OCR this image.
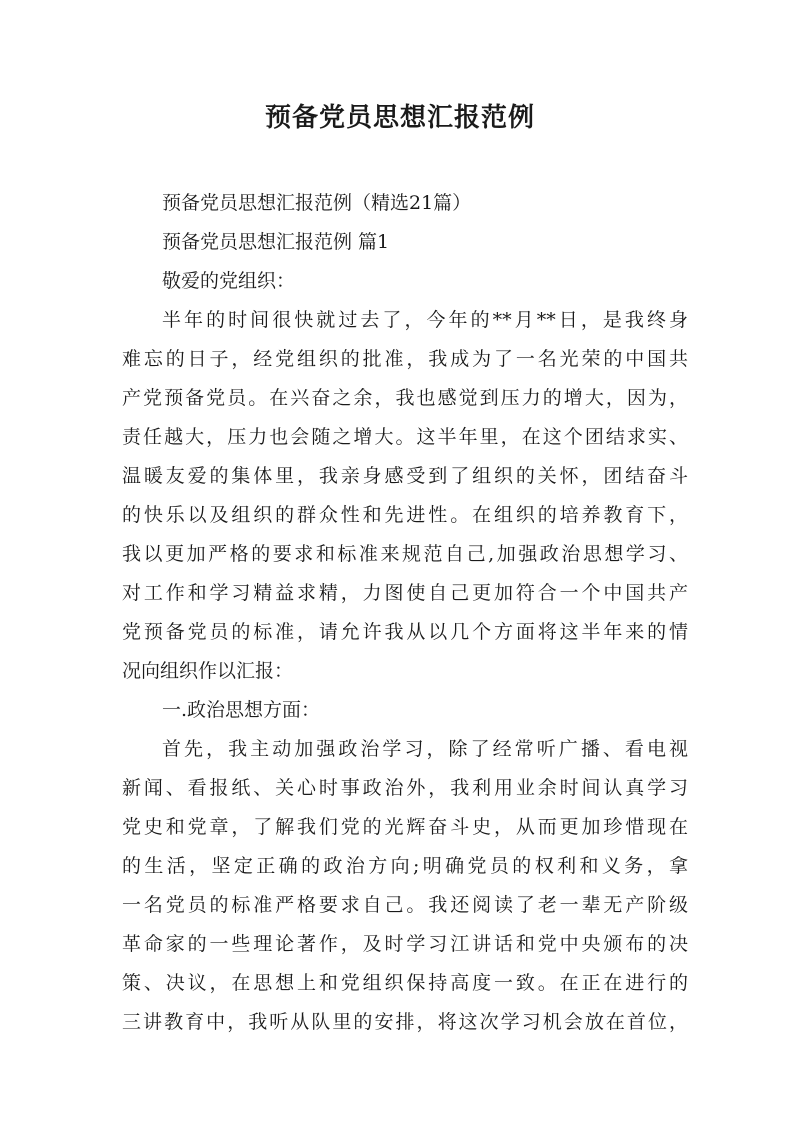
预备党员思想汇报范例
预备党员思想汇报范例（精选21篇）
预备党员思想汇报范例 篇1
敬爱的党组织：
半年的时间很快就过去了，今年的**月**日，是我终身
难忘的日子，经党组织的批准，我成为了一名光荣的中国共
产党预备党员。在兴奋之余，我也感觉到压力的增大，因为，
责任越大，压力也会随之增大。这半年里，在这个团结求实、
温暖友爱的集体里，我亲身感受到了组织的关怀，团结奋斗
的快乐以及组织的群众性和先进性。在组织的培养教育下，
我以更加严格的要求和标准来规范自己,加强政治思想学习、
对工作和学习精益求精，力图使自己更加符合一个中国共产
党预备党员的标准，请允许我从以几个方面将这半年来的情
况向组织作以汇报：
一.政治思想方面：
首先，我主动加强政治学习，除了经常听广播、看电视
新闻、看报纸、关心时事政治外，我利用业余时间认真学习
党史和党章，了解我们党的光辉奋斗史，从而更加珍惜现在
的生活，坚定正确的政治方向;明确党员的权利和义务，拿
一名党员的标准严格要求自己。我还阅读了老一辈无产阶级
革命家的一些理论著作，及时学习江讲话和党中央颁布的决
策、决议，在思想上和党组织保持高度一致。在正在进行的
三讲教育中，我听从队里的安排，将这次学习机会放在首位，
